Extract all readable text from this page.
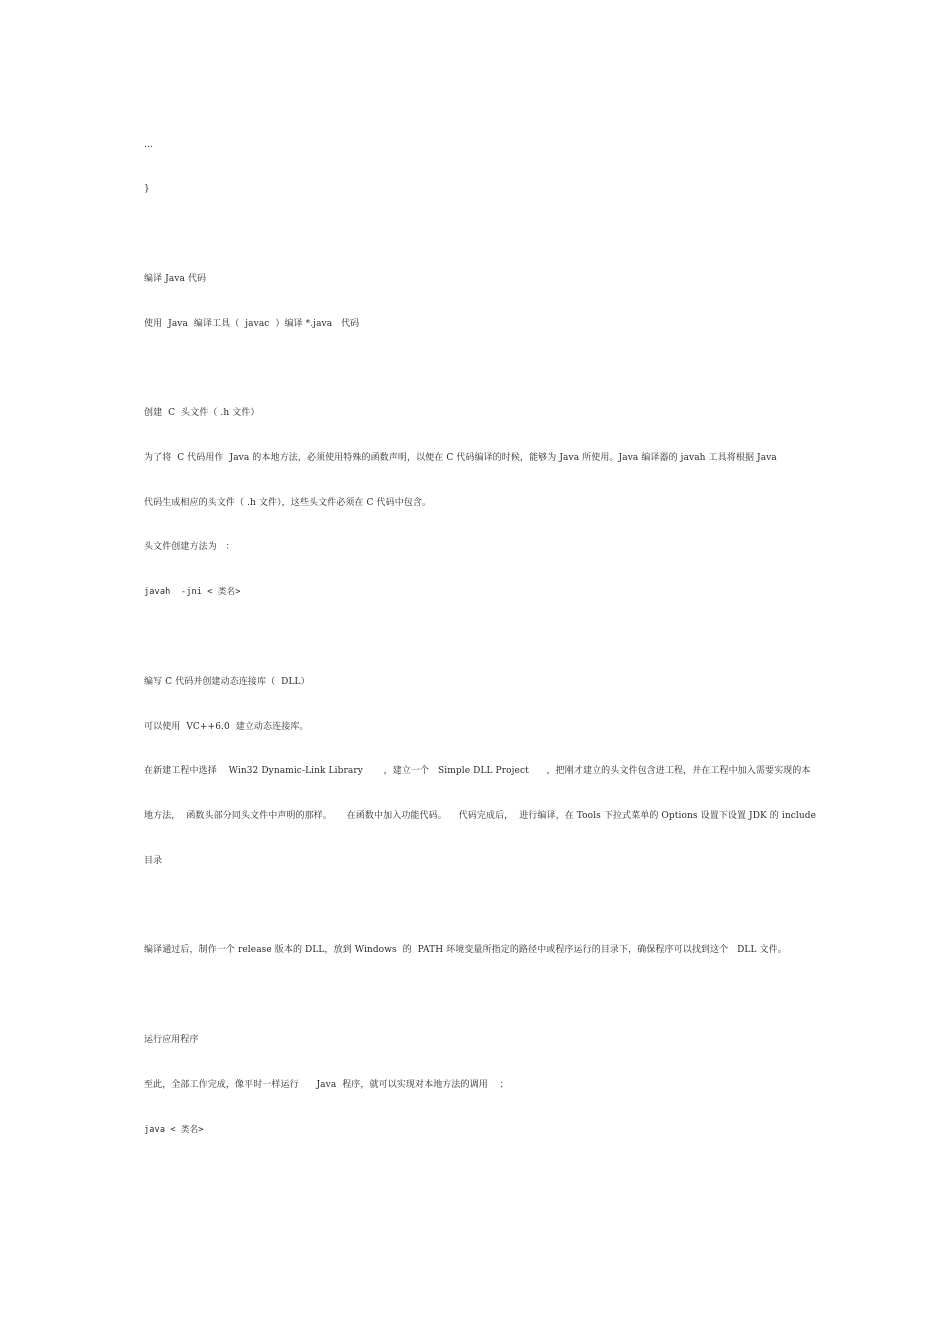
…
}
编译 Java 代码
使用  Java  编译工具（  javac  ）编译 *.java   代码
创建  C  头文件（ .h 文件）
为了将  C 代码用作  Java 的本地方法，必须使用特殊的函数声明，以便在 C 代码编译的时候，能够为 Java 所使用。Java 编译器的 javah 工具将根据 Java
代码生成相应的头文件（ .h 文件），这些头文件必须在 C 代码中包含。
头文件创建方法为   ：
javah  -jni < 类名>
编写 C 代码并创建动态连接库（  DLL）
可以使用  VC++6.0  建立动态连接库。
在新建工程中选择    Win32 Dynamic-Link Library       ，建立一个   Simple DLL Project      ，把刚才建立的头文件包含进工程，并在工程中加入需要实现的本
地方法，  函数头部分同头文件中声明的那样。     在函数中加入功能代码。    代码完成后，  进行编译，在 Tools 下拉式菜单的 Options 设置下设置 JDK 的 include
目录
编译通过后，制作一个 release 版本的 DLL，放到 Windows  的  PATH 环境变量所指定的路径中或程序运行的目录下，确保程序可以找到这个   DLL 文件。
运行应用程序
至此，全部工作完成，像平时一样运行      Java  程序，就可以实现对本地方法的调用    ；
java < 类名>
